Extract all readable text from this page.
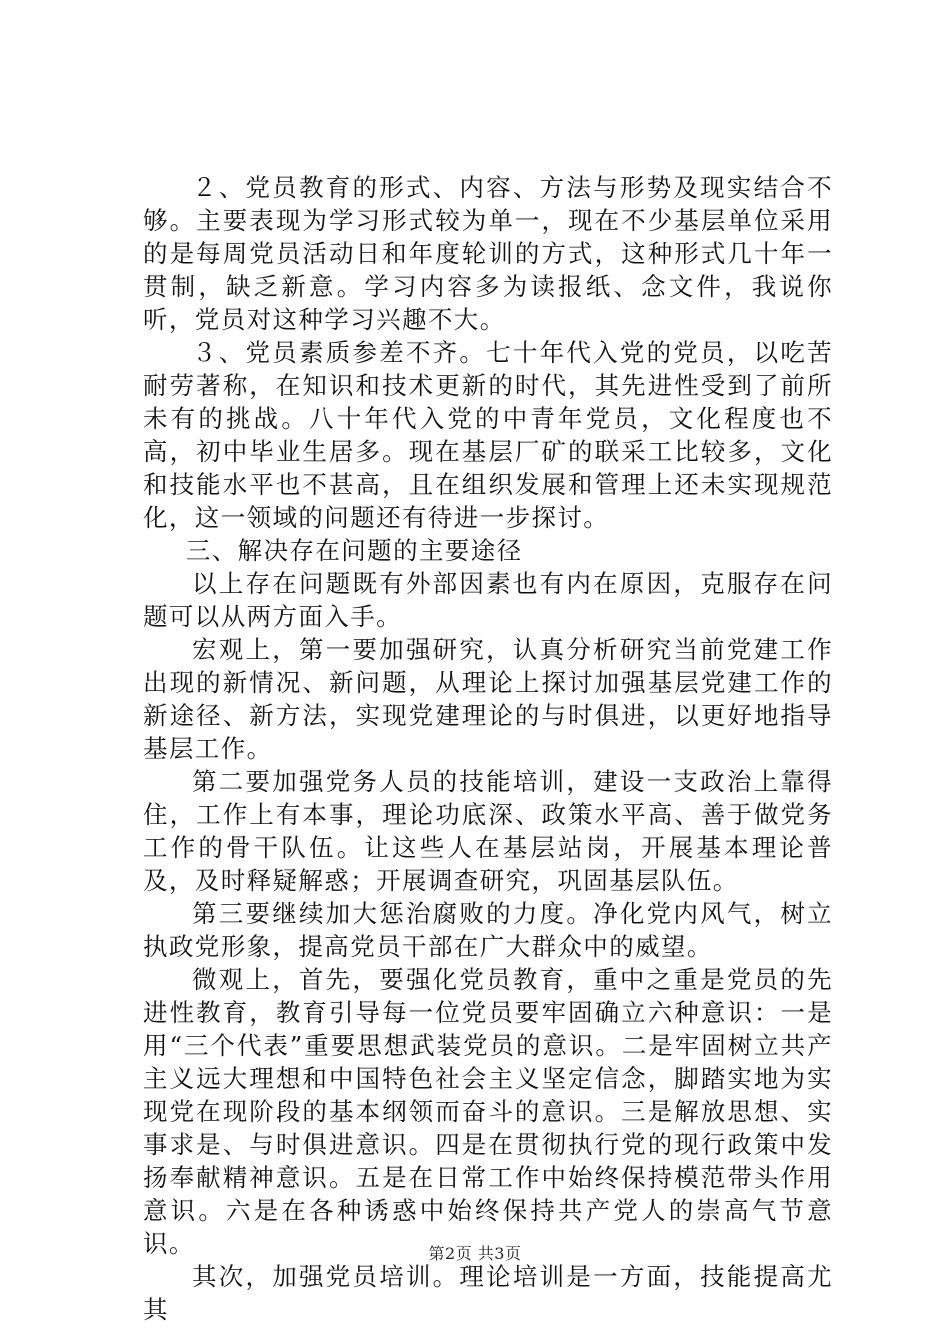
２、党员教育的形式、内容、方法与形势及现实结合不够。主要表现为学习形式较为单一，现在不少基层单位采用的是每周党员活动日和年度轮训的方式，这种形式几十年一贯制，缺乏新意。学习内容多为读报纸、念文件，我说你听，党员对这种学习兴趣不大。

３、党员素质参差不齐。七十年代入党的党员，以吃苦耐劳著称，在知识和技术更新的时代，其先进性受到了前所未有的挑战。八十年代入党的中青年党员，文化程度也不高，初中毕业生居多。现在基层厂矿的联采工比较多，文化和技能水平也不甚高，且在组织发展和管理上还未实现规范化，这一领域的问题还有待进一步探讨。

三、解决存在问题的主要途径

以上存在问题既有外部因素也有内在原因，克服存在问题可以从两方面入手。

宏观上，第一要加强研究，认真分析研究当前党建工作出现的新情况、新问题，从理论上探讨加强基层党建工作的新途径、新方法，实现党建理论的与时俱进，以更好地指导基层工作。

第二要加强党务人员的技能培训，建设一支政治上靠得住，工作上有本事，理论功底深、政策水平高、善于做党务工作的骨干队伍。让这些人在基层站岗，开展基本理论普及，及时释疑解惑；开展调查研究，巩固基层队伍。

第三要继续加大惩治腐败的力度。净化党内风气，树立执政党形象，提高党员干部在广大群众中的威望。

微观上，首先，要强化党员教育，重中之重是党员的先进性教育，教育引导每一位党员要牢固确立六种意识：一是用“三个代表”重要思想武装党员的意识。二是牢固树立共产主义远大理想和中国特色社会主义坚定信念，脚踏实地为实现党在现阶段的基本纲领而奋斗的意识。三是解放思想、实事求是、与时俱进意识。四是在贯彻执行党的现行政策中发扬奉献精神意识。五是在日常工作中始终保持模范带头作用意识。六是在各种诱惑中始终保持共产党人的崇高气节意识。

其次，加强党员培训。理论培训是一方面，技能提高尤其

第2页 共3页
